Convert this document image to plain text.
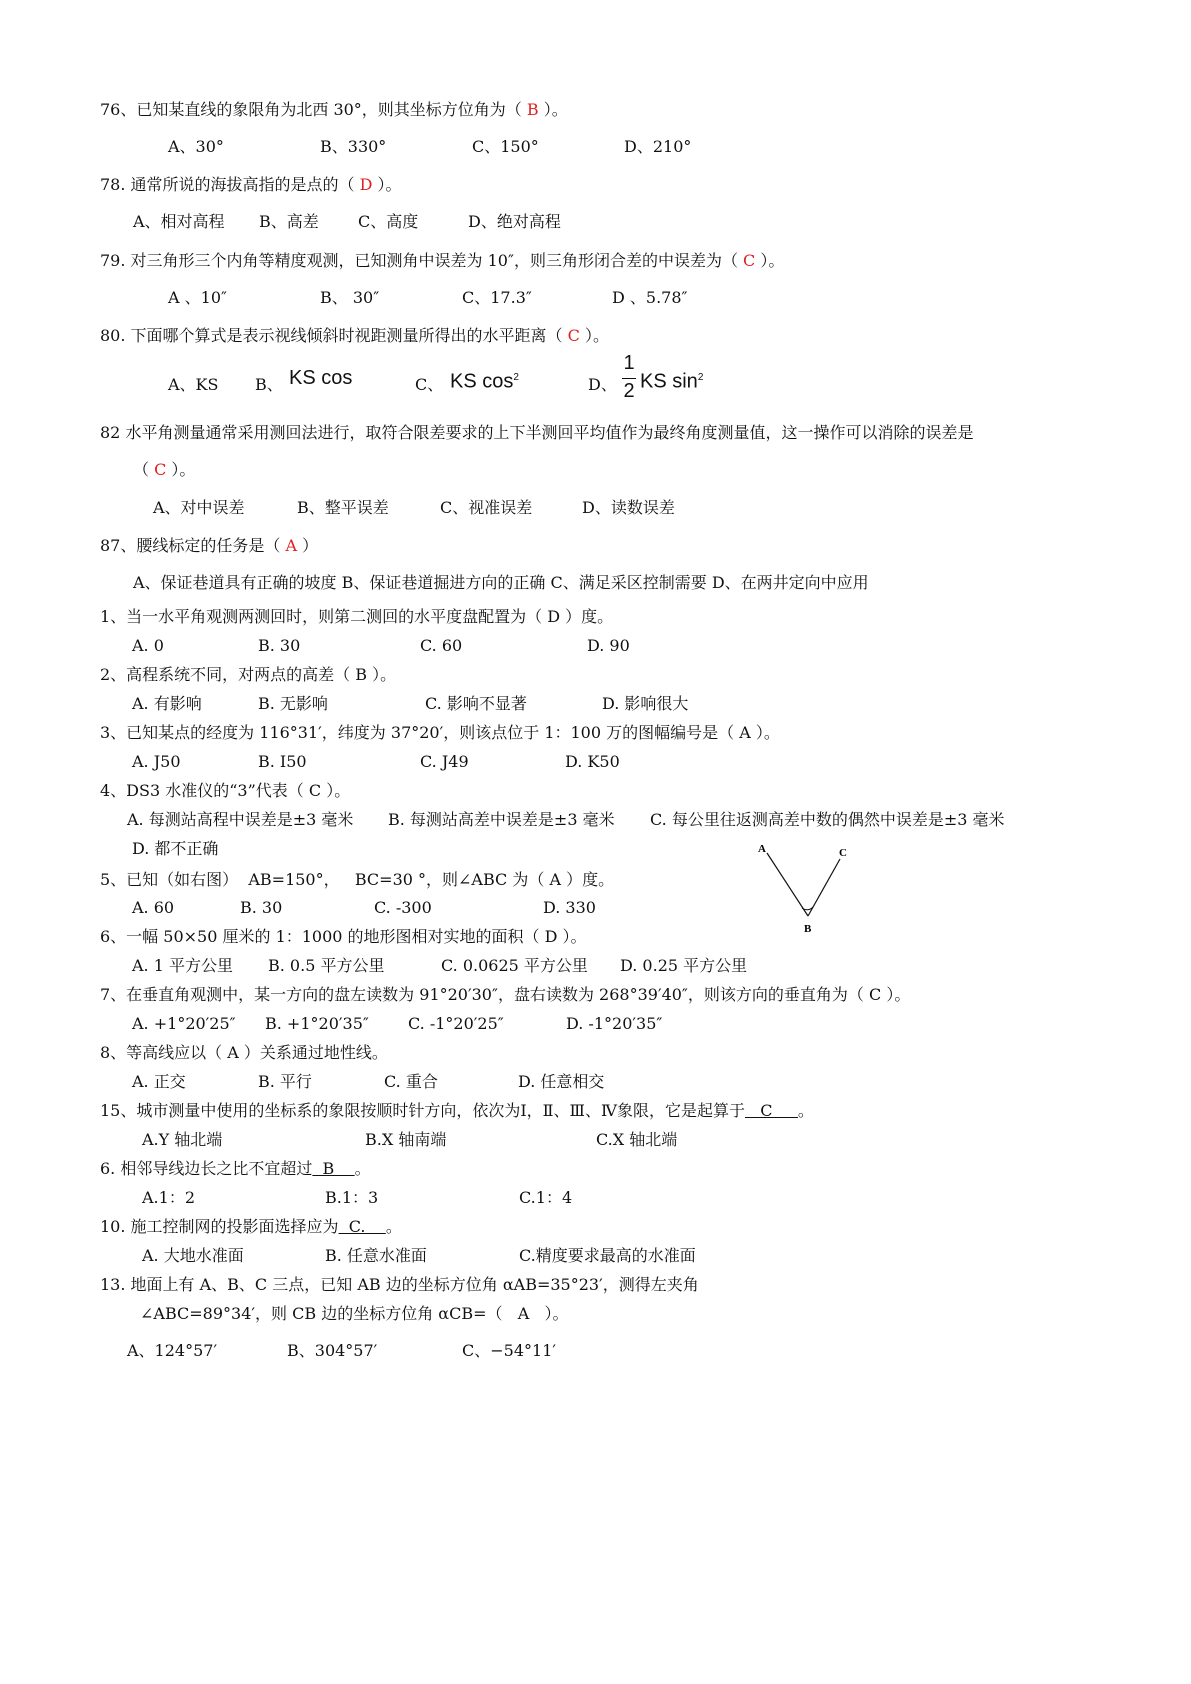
76、已知某直线的象限角为北西 30°，则其坐标方位角为（ B ）。
A、30°	B、330°	C、150°	D、210°
78. 通常所说的海拔高指的是点的（ D ）。
A、相对高程 B、高差 C、高度	D、绝对高程
79. 对三角形三个内角等精度观测，已知测角中误差为 10″，则三角形闭合差的中误差为（ C ）。
A 、10″	B、 30″	C、17.3″	D 、5.78″
80. 下面哪个算式是表示视线倾斜时视距测量所得出的水平距离（ C ）。
A、KS B、 KS cos	C、 KS $\cos^2$	D、
1
2 KS $\sin^2$
82 水平角测量通常采用测回法进行，取符合限差要求的上下半测回平均值作为最终角度测量值，这一操作可以消除的误差是
（ C ）。
A、对中误差	B、整平误差	C、视准误差	D、读数误差
87、腰线标定的任务是（ A ）
A、保证巷道具有正确的坡度 B、保证巷道掘进方向的正确 C、满足采区控制需要 D、在两井定向中应用
1、当一水平角观测两测回时，则第二测回的水平度盘配置为（ D ）度。
A. 0	B. 30	C. 60	D. 90
2、高程系统不同，对两点的高差（ B ）。
A. 有影响	B. 无影响	C. 影响不显著	D. 影响很大
3、已知某点的经度为 116°31′，纬度为 37°20′，则该点位于 1：100 万的图幅编号是（ A ）。
A. J50	B. I50	C. J49	D. K50
4、DS3 水准仪的“3”代表（ C ）。
A. 每测站高程中误差是±3 毫米 B. 每测站高差中误差是±3 毫米 C. 每公里往返测高差中数的偶然中误差是±3 毫米
D. 都不正确
5、已知（如右图）  AB=150°，   BC=30 °，则∠ABC 为（ A ）度。
A. 60	B. 30	C. -300	D. 330
A
B
C
6、一幅 50×50 厘米的 1：1000 的地形图相对实地的面积（ D ）。
A. 1 平方公里 B. 0.5 平方公里	C. 0.0625 平方公里 D. 0.25 平方公里
7、在垂直角观测中，某一方向的盘左读数为 91°20′30″，盘右读数为 268°39′40″，则该方向的垂直角为（ C ）。
A. +1°20′25″ B. +1°20′35″ C. -1°20′25″	D. -1°20′35″
8、等高线应以（ A ）关系通过地性线。
A. 正交	B. 平行	C. 重合	D. 任意相交
15、城市测量中使用的坐标系的象限按顺时针方向，依次为Ⅰ，Ⅱ、Ⅲ、Ⅳ象限，它是起算于   C     。
A.Y 轴北端	B.X 轴南端	C.X 轴北端
6. 相邻导线边长之比不宜超过  B    。
A.1：2	B.1：3	C.1：4
10. 施工控制网的投影面选择应为  C.    。
A. 大地水准面	B. 任意水准面	C.精度要求最高的水准面
13. 地面上有 A、B、C 三点，已知 AB 边的坐标方位角 αAB=35°23′，测得左夹角
∠ABC=89°34′，则 CB 边的坐标方位角 αCB=（   A   ）。
A、124°57′	B、304°57′	C、−54°11′
